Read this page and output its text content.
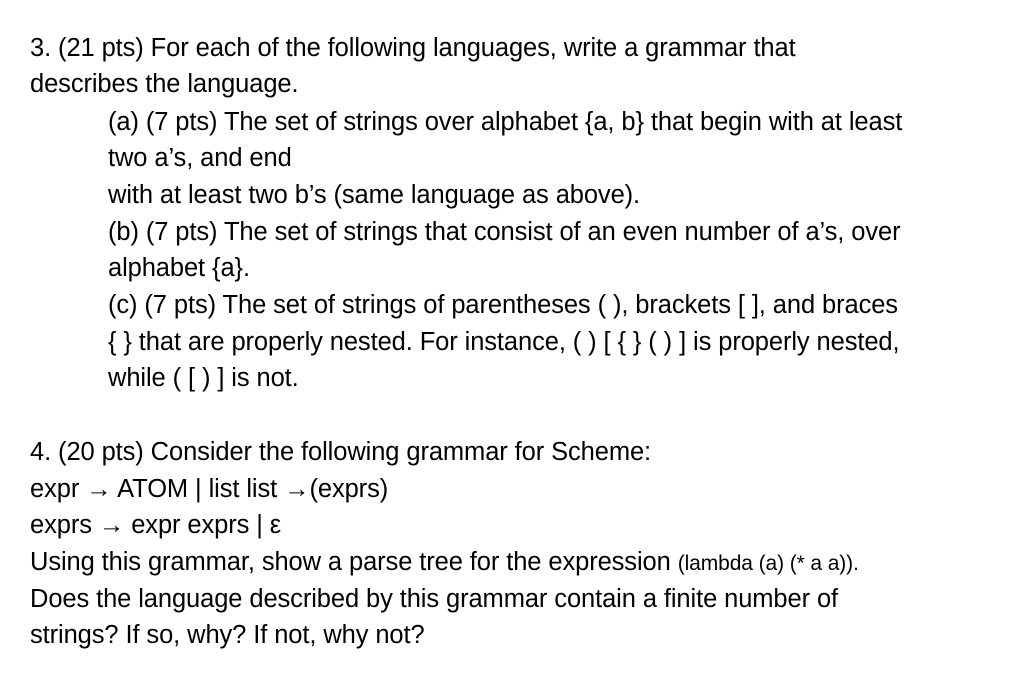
3. (21 pts) For each of the following languages, write a grammar that
describes the language.
(a) (7 pts) The set of strings over alphabet {a, b} that begin with at least
two a’s, and end
with at least two b’s (same language as above).
(b) (7 pts) The set of strings that consist of an even number of a’s, over
alphabet {a}.
(c) (7 pts) The set of strings of parentheses ( ), brackets [ ], and braces
{ } that are properly nested. For instance, ( ) [ { } ( ) ] is properly nested,
while ( [ ) ] is not.
4. (20 pts) Consider the following grammar for Scheme:
expr → ATOM | list list →(exprs)
exprs → expr exprs | ε
Using this grammar, show a parse tree for the expression (lambda (a) (* a a)).
Does the language described by this grammar contain a finite number of
strings? If so, why? If not, why not?
